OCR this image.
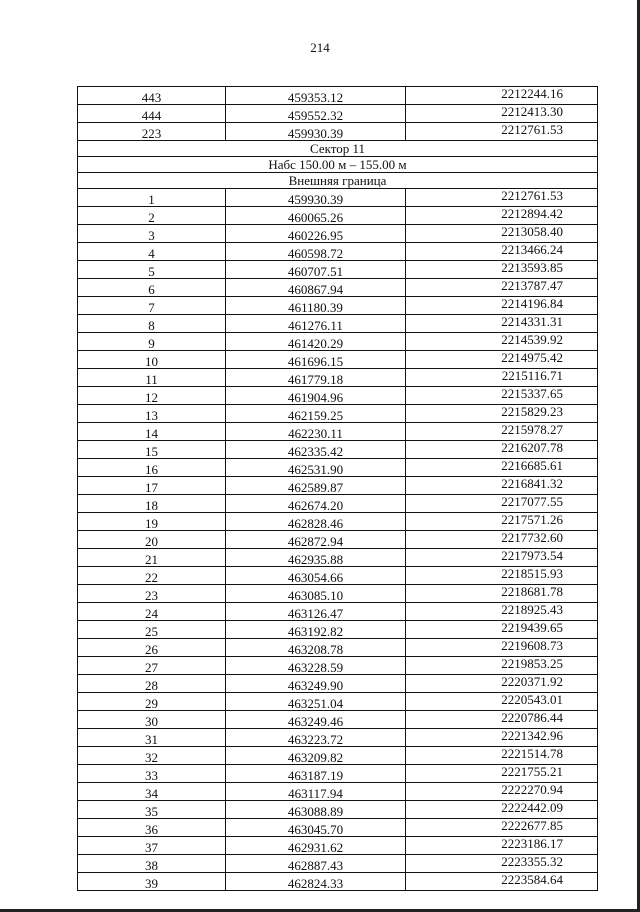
214
443	459353.12	2212244.16
444	459552.32	2212413.30
223	459930.39	2212761.53
Сектор 11		
Набс 150.00 м – 155.00 м		
Внешняя граница		
1	459930.39	2212761.53
2	460065.26	2212894.42
3	460226.95	2213058.40
4	460598.72	2213466.24
5	460707.51	2213593.85
6	460867.94	2213787.47
7	461180.39	2214196.84
8	461276.11	2214331.31
9	461420.29	2214539.92
10	461696.15	2214975.42
11	461779.18	2215116.71
12	461904.96	2215337.65
13	462159.25	2215829.23
14	462230.11	2215978.27
15	462335.42	2216207.78
16	462531.90	2216685.61
17	462589.87	2216841.32
18	462674.20	2217077.55
19	462828.46	2217571.26
20	462872.94	2217732.60
21	462935.88	2217973.54
22	463054.66	2218515.93
23	463085.10	2218681.78
24	463126.47	2218925.43
25	463192.82	2219439.65
26	463208.78	2219608.73
27	463228.59	2219853.25
28	463249.90	2220371.92
29	463251.04	2220543.01
30	463249.46	2220786.44
31	463223.72	2221342.96
32	463209.82	2221514.78
33	463187.19	2221755.21
34	463117.94	2222270.94
35	463088.89	2222442.09
36	463045.70	2222677.85
37	462931.62	2223186.17
38	462887.43	2223355.32
39	462824.33	2223584.64
